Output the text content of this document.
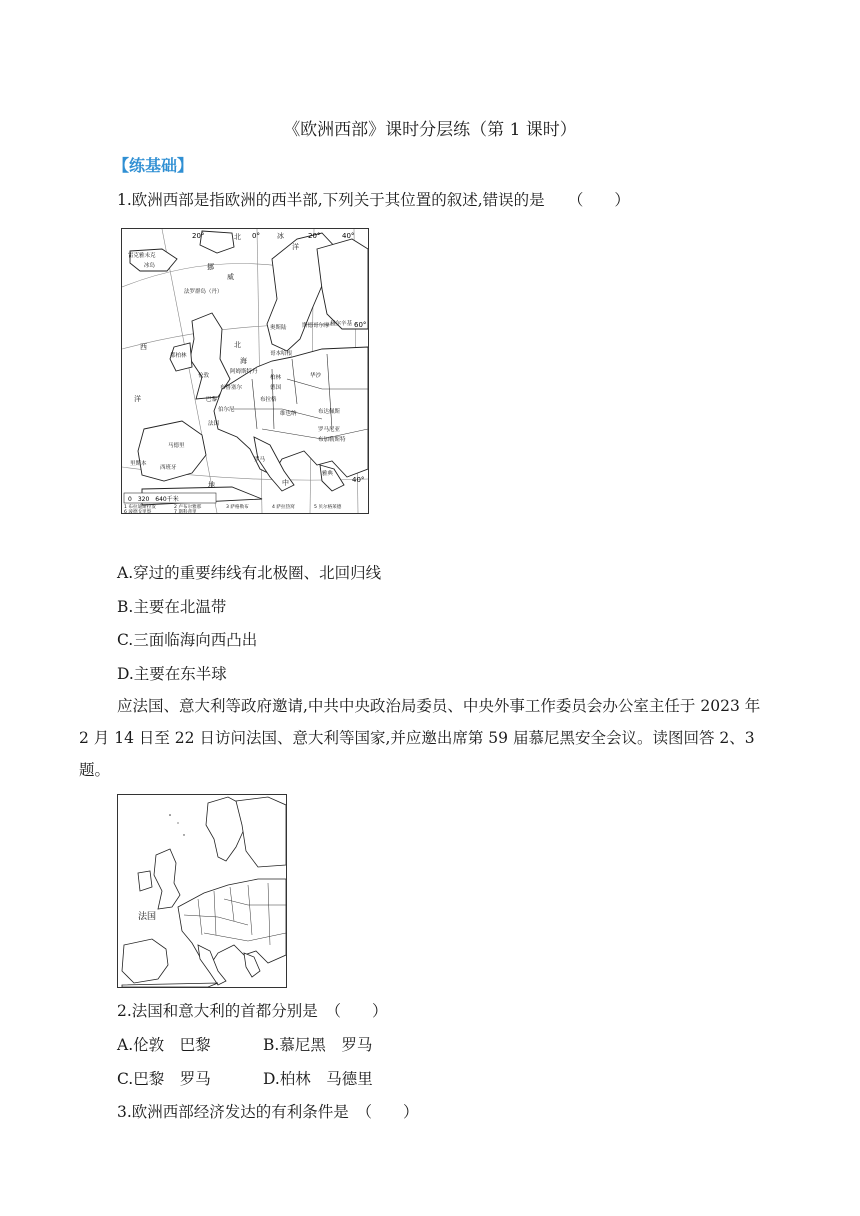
《欧洲西部》课时分层练（第 1 课时）
【练基础】
1.欧洲西部是指欧洲的西半部,下列关于其位置的叙述,错误的是　　（　　）
20°	0°	20°	40°
60°
40°
雷克雅未克
冰岛
北	冰
洋
挪
威
法罗群岛（丹）
西
洋
都柏林
伦敦
北
海
奥斯陆	斯德哥尔摩 赫尔辛基
哥本哈根
阿姆斯特丹
柏林
德国
布鲁塞尔
巴黎
伯尔尼
法国
华沙
布达佩斯
布拉格
维也纳
罗马尼亚
布加勒斯特
马德里
里斯本
西班牙
罗马
雅典
地	中
0　320　640千米
1 布拉迪斯拉发	2 卢布尔雅那	3 萨格勒布	4 萨拉热窝	5 贝尔格莱德
6 波德戈里察	7 斯科普里
A.穿过的重要纬线有北极圈、北回归线
B.主要在北温带
C.三面临海向西凸出
D.主要在东半球
应法国、意大利等政府邀请,中共中央政治局委员、中央外事工作委员会办公室主任于 2023 年 2 月 14 日至 22 日访问法国、意大利等国家,并应邀出席第 59 届慕尼黑安全会议。读图回答 2、3 题。
法国
2.法国和意大利的首都分别是　（　　）
A.伦敦　巴黎	B.慕尼黑　罗马
C.巴黎　罗马	D.柏林　马德里
3.欧洲西部经济发达的有利条件是　（　　）
